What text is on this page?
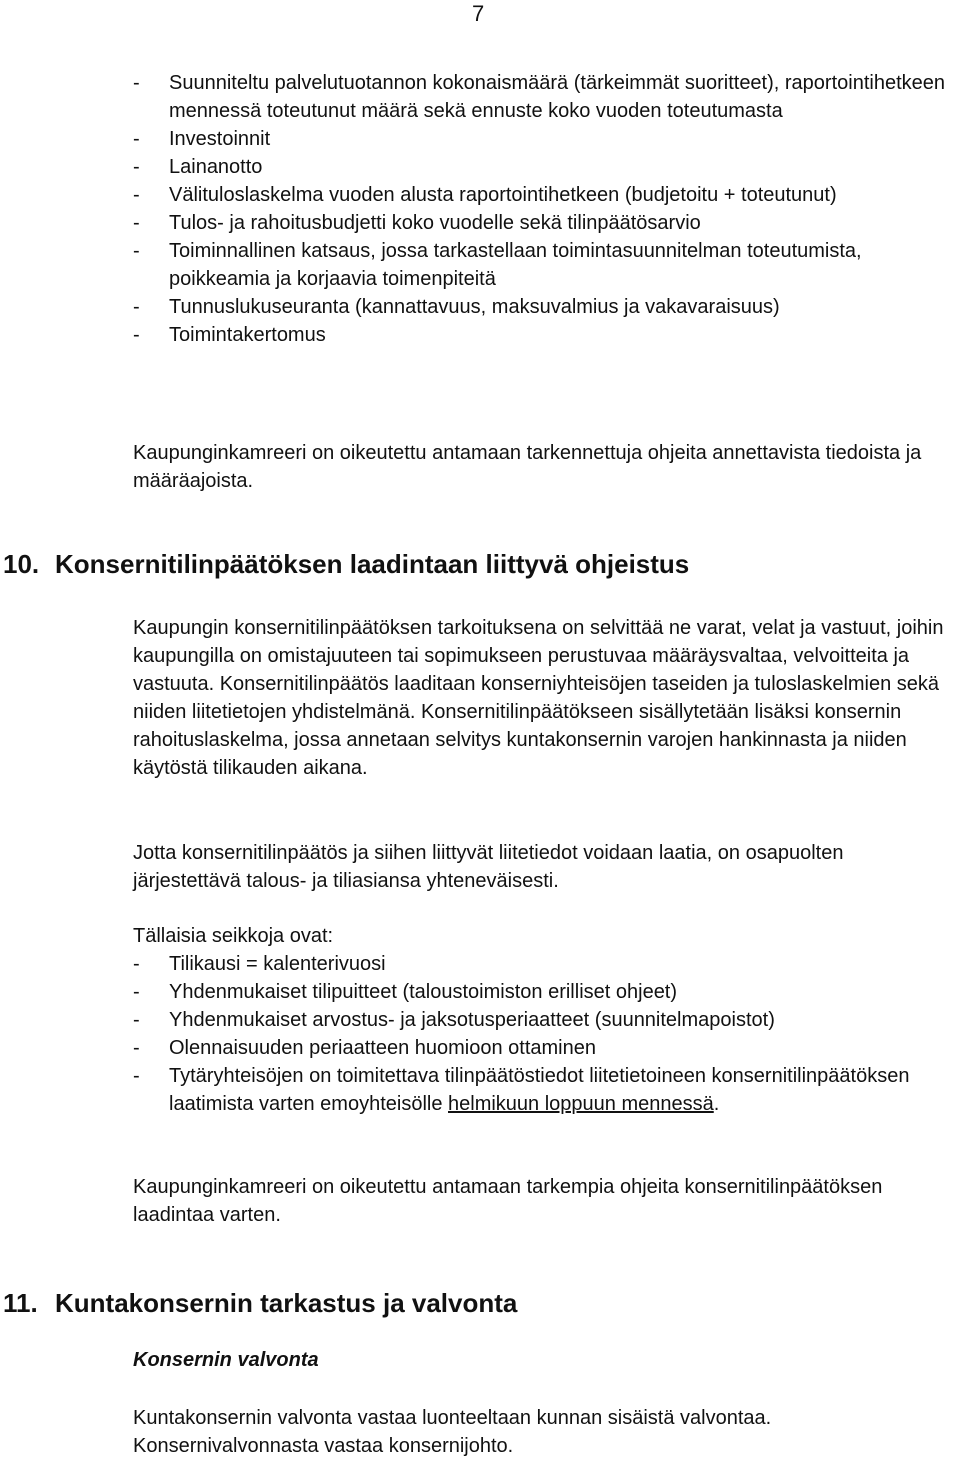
7
- Suunniteltu palvelutuotannon kokonaismäärä (tärkeimmät suoritteet), raportointihetkeen mennessä toteutunut määrä sekä ennuste koko vuoden toteutumasta
- Investoinnit
- Lainanotto
- Välituloslaskelma vuoden alusta raportointihetkeen (budjetoitu + toteutunut)
- Tulos- ja rahoitusbudjetti koko vuodelle sekä tilinpäätösarvio
- Toiminnallinen katsaus, jossa tarkastellaan toimintasuunnitelman toteutumista, poikkeamia ja korjaavia toimenpiteitä
- Tunnuslukuseuranta (kannattavuus, maksuvalmius ja vakavaraisuus)
- Toimintakertomus

Kaupunginkamreeri on oikeutettu antamaan tarkennettuja ohjeita annettavista tiedoista ja määräajoista.

10. Konsernitilinpäätöksen laadintaan liittyvä ohjeistus

Kaupungin konsernitilinpäätöksen tarkoituksena on selvittää ne varat, velat ja vastuut, joihin kaupungilla on omistajuuteen tai sopimukseen perustuvaa määräysvaltaa, velvoitteita ja vastuuta. Konsernitilinpäätös laaditaan konserniyhteisöjen taseiden ja tuloslaskelmien sekä niiden liitetietojen yhdistelmänä. Konsernitilinpäätökseen sisällytetään lisäksi konsernin rahoituslaskelma, jossa annetaan selvitys kuntakonsernin varojen hankinnasta ja niiden käytöstä tilikauden aikana.

Jotta konsernitilinpäätös ja siihen liittyvät liitetiedot voidaan laatia, on osapuolten järjestettävä talous- ja tiliasiansa yhteneväisesti.

Tällaisia seikkoja ovat:

- Tilikausi = kalenterivuosi
- Yhdenmukaiset tilipuitteet (taloustoimiston erilliset ohjeet)
- Yhdenmukaiset arvostus- ja jaksotusperiaatteet (suunnitelmapoistot)
- Olennaisuuden periaatteen huomioon ottaminen
- Tytäryhteisöjen on toimitettava tilinpäätöstiedot liitetietoineen konsernitilinpäätöksen laatimista varten emoyhteisölle helmikuun loppuun mennessä.

Kaupunginkamreeri on oikeutettu antamaan tarkempia ohjeita konsernitilinpäätöksen laadintaa varten.

11. Kuntakonsernin tarkastus ja valvonta
Konsernin valvonta

Kuntakonsernin valvonta vastaa luonteeltaan kunnan sisäistä valvontaa.
Konsernivalvonnasta vastaa konsernijohto.
